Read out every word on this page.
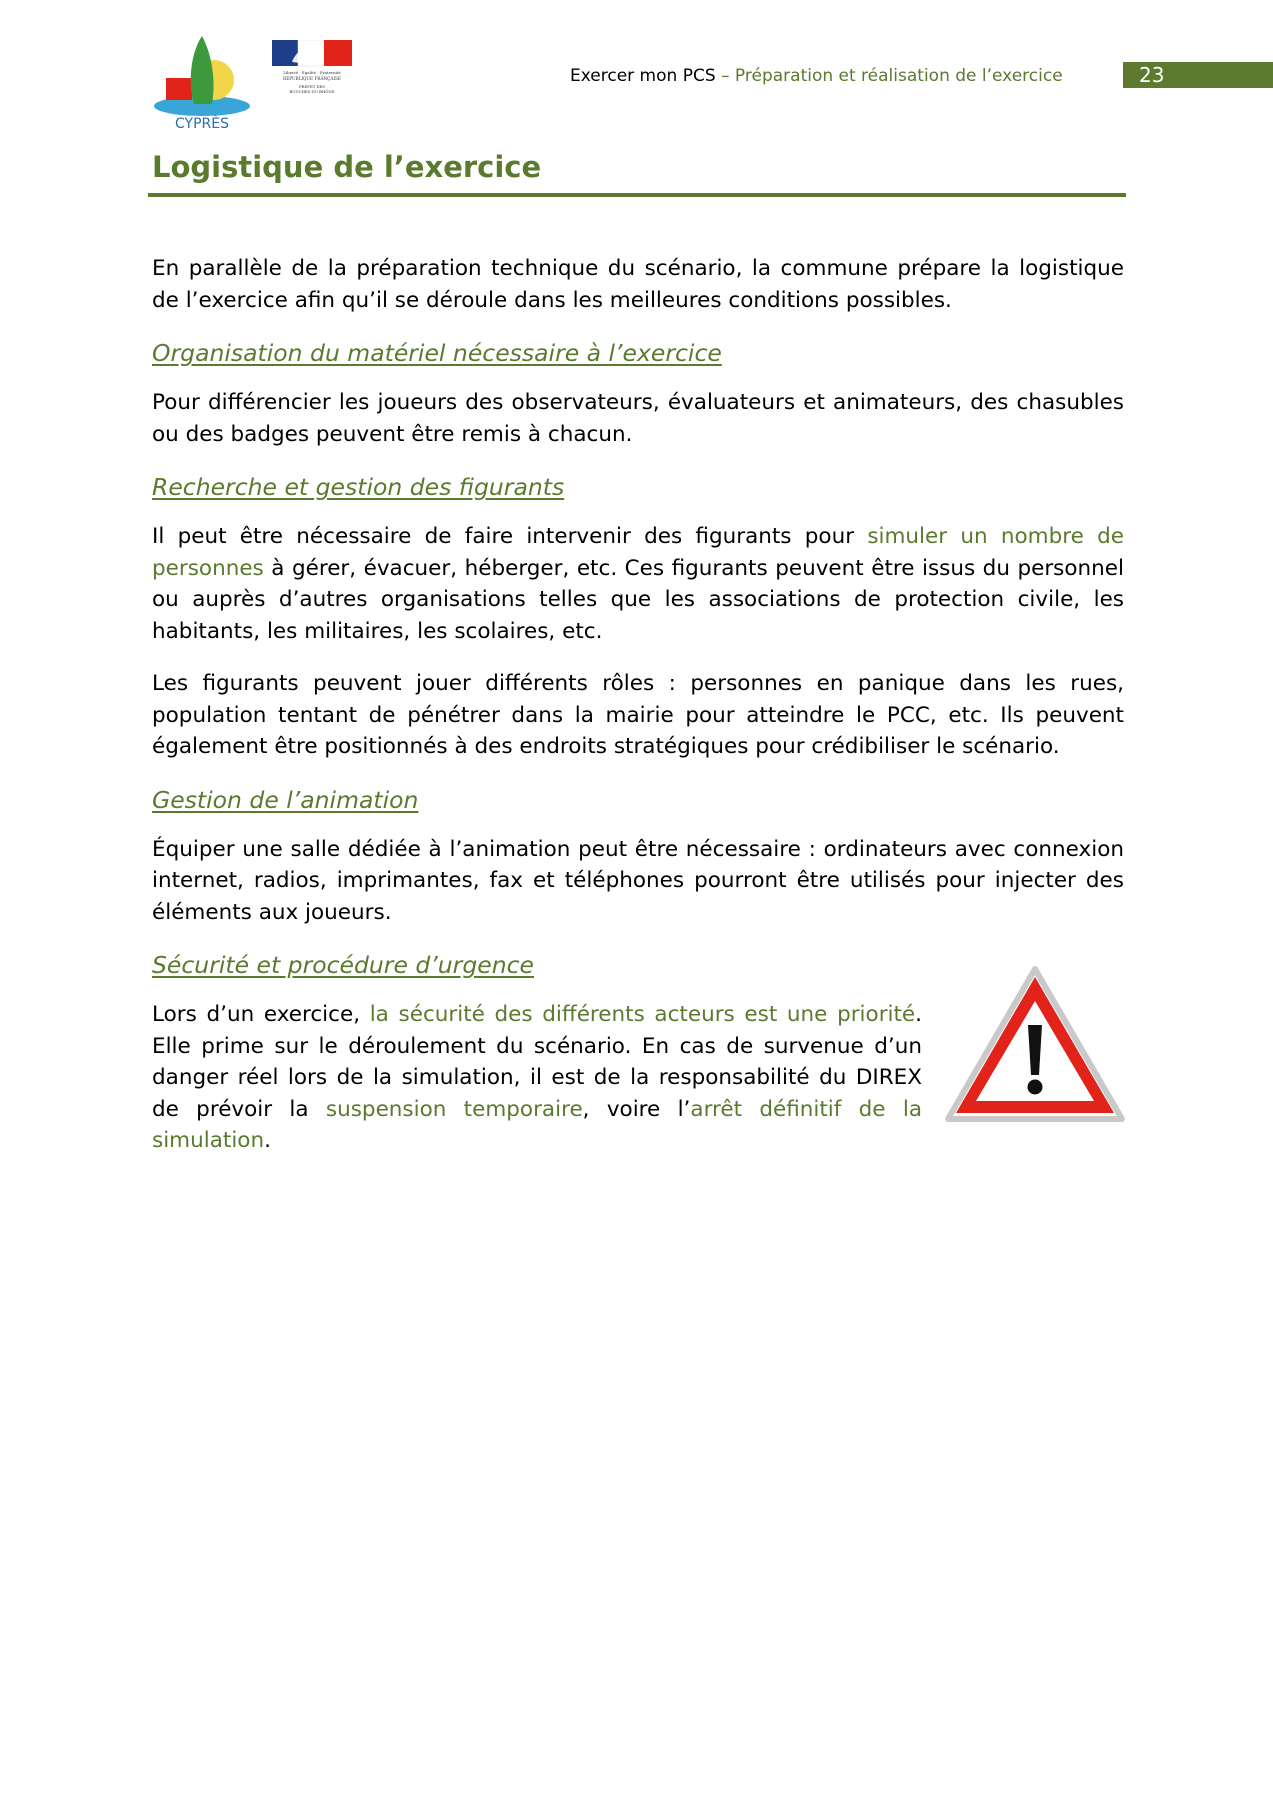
CYPRÈS
Liberté · Égalité · Fraternité
RÉPUBLIQUE FRANÇAISE
PRÉFET DES
BOUCHES-DU-RHÔNE
Exercer mon PCS – Préparation et réalisation de l’exercice	23
Logistique de l’exercice

En parallèle de la préparation technique du scénario, la commune prépare la logistique de l’exercice afin qu’il se déroule dans les meilleures conditions possibles.

Organisation du matériel nécessaire à l’exercice

Pour différencier les joueurs des observateurs, évaluateurs et animateurs, des chasubles ou des badges peuvent être remis à chacun.

Recherche et gestion des figurants

Il peut être nécessaire de faire intervenir des figurants pour simuler un nombre de personnes à gérer, évacuer, héberger, etc. Ces figurants peuvent être issus du personnel ou auprès d’autres organisations telles que les associations de protection civile, les habitants, les militaires, les scolaires, etc.

Les figurants peuvent jouer différents rôles : personnes en panique dans les rues, population tentant de pénétrer dans la mairie pour atteindre le PCC, etc. Ils peuvent également être positionnés à des endroits stratégiques pour crédibiliser le scénario.

Gestion de l’animation

Équiper une salle dédiée à l’animation peut être nécessaire : ordinateurs avec connexion internet, radios, imprimantes, fax et téléphones pourront être utilisés pour injecter des éléments aux joueurs.

Sécurité et procédure d’urgence

Lors d’un exercice, la sécurité des différents acteurs est une priorité. Elle prime sur le déroulement du scénario. En cas de survenue d’un danger réel lors de la simulation, il est de la responsabilité du DIREX de prévoir la suspension temporaire, voire l’arrêt définitif de la simulation.
